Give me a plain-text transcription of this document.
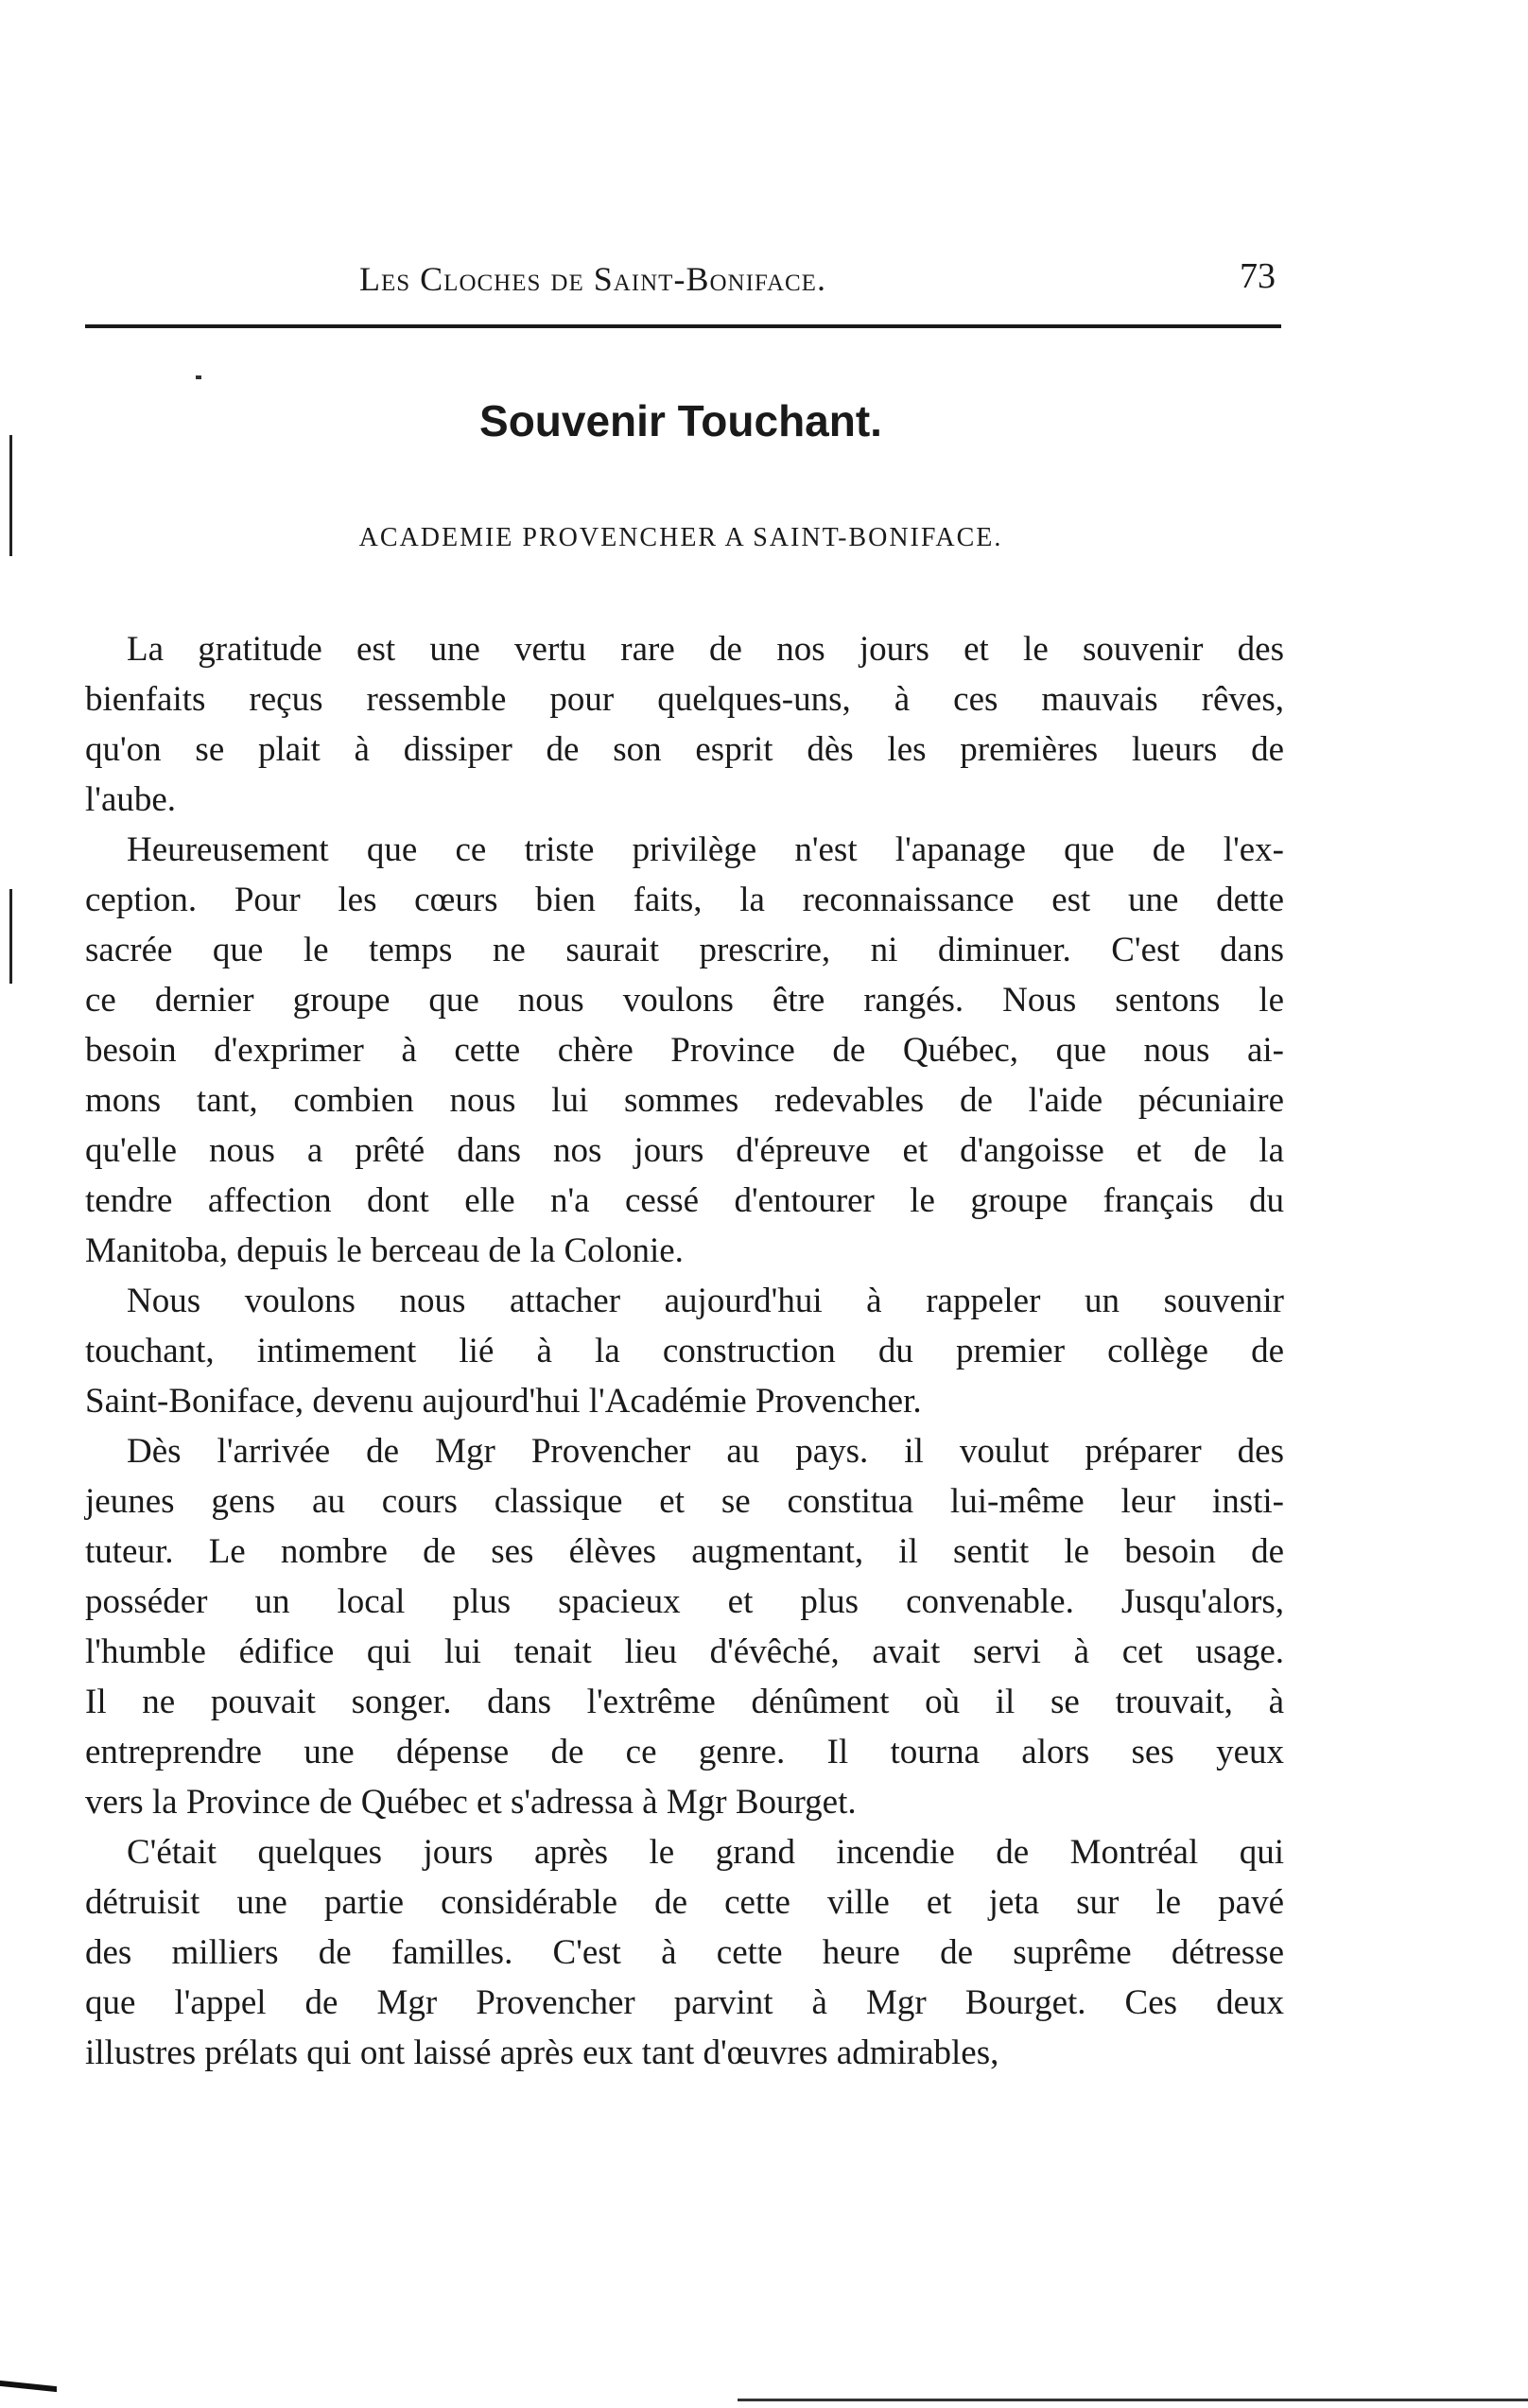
Les Cloches de Saint-Boniface.	73
Souvenir Touchant.
ACADEMIE PROVENCHER A SAINT-BONIFACE.
La gratitude est une vertu rare de nos jours et le souvenir des
bienfaits reçus ressemble pour quelques-uns, à ces mauvais rêves,
qu'on se plait à dissiper de son esprit dès les premières lueurs de
l'aube.
Heureusement que ce triste privilège n'est l'apanage que de l'ex-
ception. Pour les cœurs bien faits, la reconnaissance est une dette
sacrée que le temps ne saurait prescrire, ni diminuer. C'est dans
ce dernier groupe que nous voulons être rangés. Nous sentons le
besoin d'exprimer à cette chère Province de Québec, que nous ai-
mons tant, combien nous lui sommes redevables de l'aide pécuniaire
qu'elle nous a prêté dans nos jours d'épreuve et d'angoisse et de la
tendre affection dont elle n'a cessé d'entourer le groupe français du
Manitoba, depuis le berceau de la Colonie.
Nous voulons nous attacher aujourd'hui à rappeler un souvenir
touchant, intimement lié à la construction du premier collège de
Saint-Boniface, devenu aujourd'hui l'Académie Provencher.
Dès l'arrivée de Mgr Provencher au pays. il voulut préparer des
jeunes gens au cours classique et se constitua lui-même leur insti-
tuteur. Le nombre de ses élèves augmentant, il sentit le besoin de
posséder un local plus spacieux et plus convenable. Jusqu'alors,
l'humble édifice qui lui tenait lieu d'évêché, avait servi à cet usage.
Il ne pouvait songer. dans l'extrême dénûment où il se trouvait, à
entreprendre une dépense de ce genre. Il tourna alors ses yeux
vers la Province de Québec et s'adressa à Mgr Bourget.
C'était quelques jours après le grand incendie de Montréal qui
détruisit une partie considérable de cette ville et jeta sur le pavé
des milliers de familles. C'est à cette heure de suprême détresse
que l'appel de Mgr Provencher parvint à Mgr Bourget. Ces deux
illustres prélats qui ont laissé après eux tant d'œuvres admirables,
